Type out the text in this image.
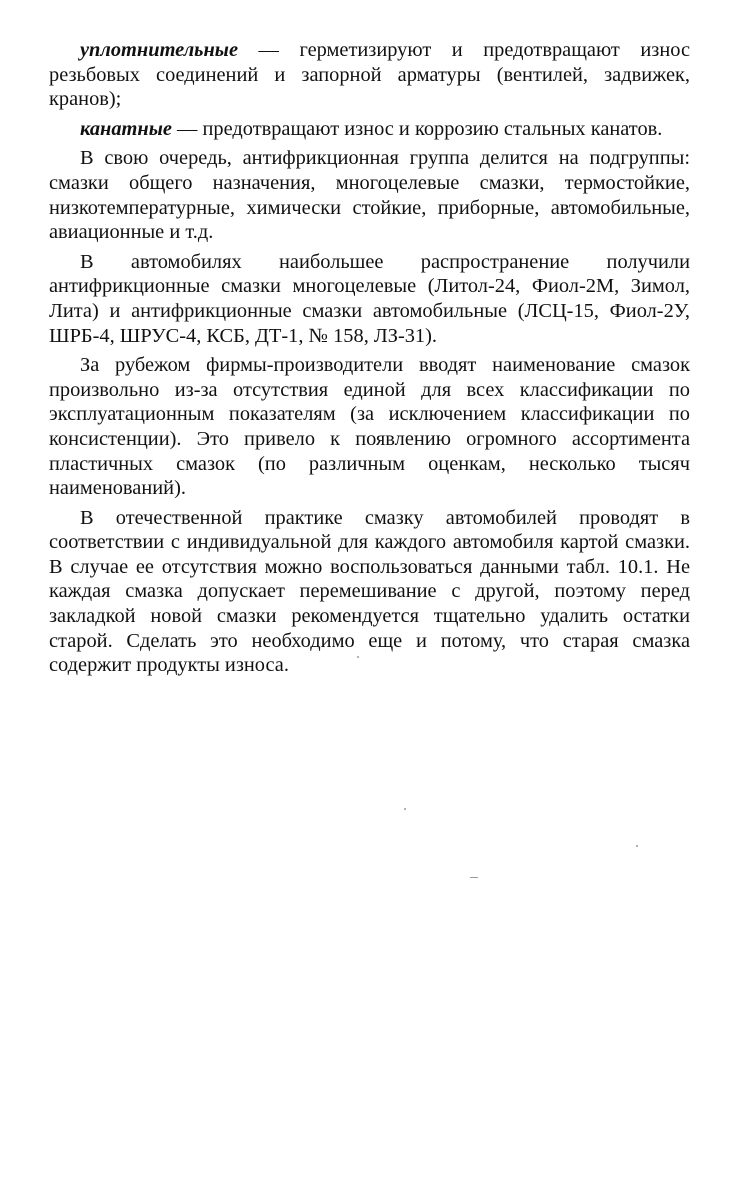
уплотнительные — герметизируют и предотвращают износ резьбовых соединений и запорной арматуры (вентилей, задвижек, кранов);

канатные — предотвращают износ и коррозию стальных канатов.

В свою очередь, антифрикционная группа делится на подгруппы: смазки общего назначения, многоцелевые смазки, термостойкие, низкотемпературные, химически стойкие, приборные, автомобильные, авиационные и т.д.

В автомобилях наибольшее распространение получили антифрикционные смазки многоцелевые (Литол-24, Фиол-2М, Зимол, Лита) и антифрикционные смазки автомобильные (ЛСЦ-15, Фиол-2У, ШРБ-4, ШРУС-4, КСБ, ДТ-1, № 158, ЛЗ-31).

За рубежом фирмы-производители вводят наименование смазок произвольно из-за отсутствия единой для всех классификации по эксплуатационным показателям (за исключением классификации по консистенции). Это привело к появлению огромного ассортимента пластичных смазок (по различным оценкам, несколько тысяч наименований).

В отечественной практике смазку автомобилей проводят в соответствии с индивидуальной для каждого автомобиля картой смазки. В случае ее отсутствия можно воспользоваться данными табл. 10.1. Не каждая смазка допускает перемешивание с другой, поэтому перед закладкой новой смазки рекомендуется тщательно удалить остатки старой. Сделать это необходимо еще и потому, что старая смазка содержит продукты износа.
